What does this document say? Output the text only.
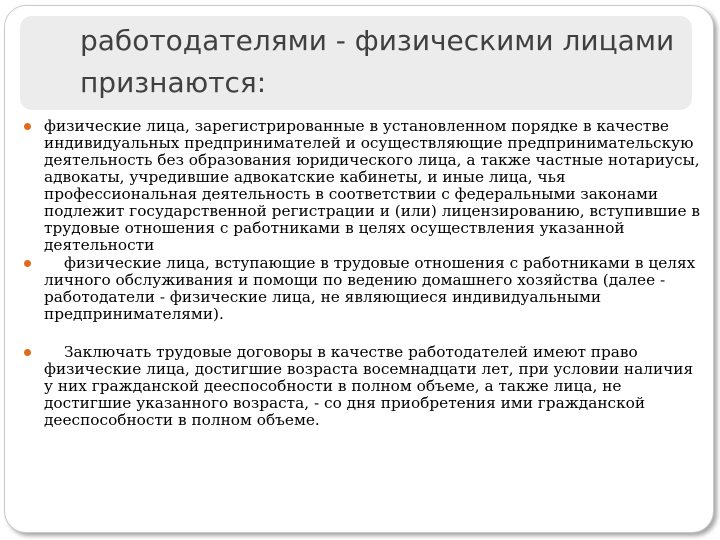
работодателями - физическими лицами признаются:
физические лица, зарегистрированные в установленном порядке в качестве индивидуальных предпринимателей и осуществляющие предпринимательскую деятельность без образования юридического лица, а также частные нотариусы, адвокаты, учредившие адвокатские кабинеты, и иные лица, чья профессиональная деятельность в соответствии с федеральными законами подлежит государственной регистрации и (или) лицензированию, вступившие в трудовые отношения с работниками в целях осуществления указанной деятельности
физические лица, вступающие в трудовые отношения с работниками в целях личного обслуживания и помощи по ведению домашнего хозяйства (далее - работодатели - физические лица, не являющиеся индивидуальными предпринимателями).
Заключать трудовые договоры в качестве работодателей имеют право физические лица, достигшие возраста восемнадцати лет, при условии наличия у них гражданской дееспособности в полном объеме, а также лица, не достигшие указанного возраста, - со дня приобретения ими гражданской дееспособности в полном объеме.
